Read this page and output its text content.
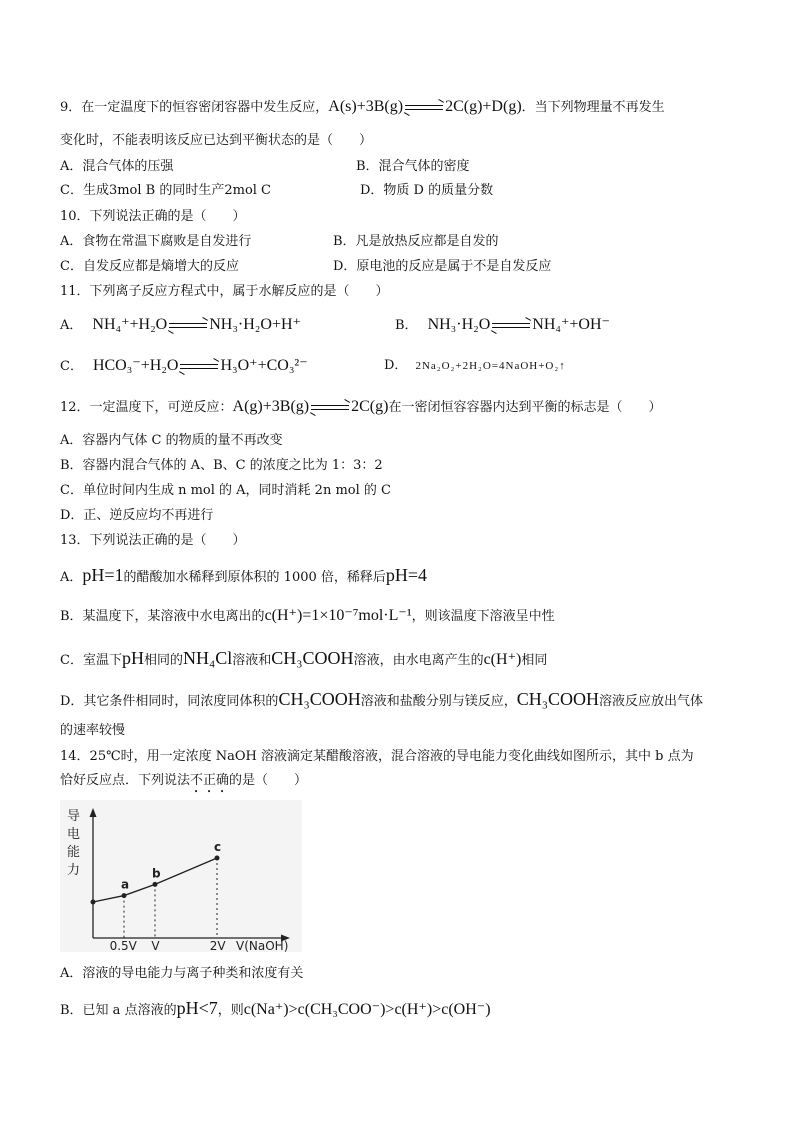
9．在一定温度下的恒容密闭容器中发生反应，A(s)+3B(g) → 2C(g)+D(g)．当下列物理量不再发生
变化时，不能表明该反应已达到平衡状态的是（　　）
A．混合气体的压强	B．混合气体的密度
C．生成3mol B 的同时生产2mol C	D．物质 D 的质量分数
10．下列说法正确的是（　　）
A．食物在常温下腐败是自发进行	B．凡是放热反应都是自发的
C．自发反应都是熵增大的反应	D．原电池的反应是属于不是自发反应
11．下列离子反应方程式中，属于水解反应的是（　　）
A． NH₄⁺+H₂O → NH₃·H₂O+H⁺	B． NH₃·H₂O → NH₄⁺+OH⁻
C． HCO₃⁻+H₂O → H₃O⁺+CO₃²⁻	D． 2Na₂O₂+2H₂O=4NaOH+O₂↑
12．一定温度下，可逆反应：A(g)+3B(g) → 2C(g)在一密闭恒容容器内达到平衡的标志是（　　）
A．容器内气体 C 的物质的量不再改变
B．容器内混合气体的 A、B、C 的浓度之比为 1：3：2
C．单位时间内生成 n mol 的 A，同时消耗 2n mol 的 C
D．正、逆反应均不再进行
13．下列说法正确的是（　　）
A．pH=1的醋酸加水稀释到原体积的 1000 倍，稀释后pH=4
B．某温度下，某溶液中水电离出的c(H⁺)=1×10⁻⁷mol·L⁻¹，则该温度下溶液呈中性
C．室温下pH相同的NH₄Cl溶液和CH₃COOH溶液，由水电离产生的c(H⁺)相同
D．其它条件相同时，同浓度同体积的CH₃COOH溶液和盐酸分别与镁反应，CH₃COOH溶液反应放出气体
的速率较慢
14．25℃时，用一定浓度 NaOH 溶液滴定某醋酸溶液，混合溶液的导电能力变化曲线如图所示，其中 b 点为
恰好反应点．下列说法不正确的是（　　）
导
电
能
力
a
0.5V
b
V
c
2V V(NaOH)
A．溶液的导电能力与离子种类和浓度有关
B．已知 a 点溶液的pH<7，则c(Na⁺)>c(CH₃COO⁻)>c(H⁺)>c(OH⁻)
